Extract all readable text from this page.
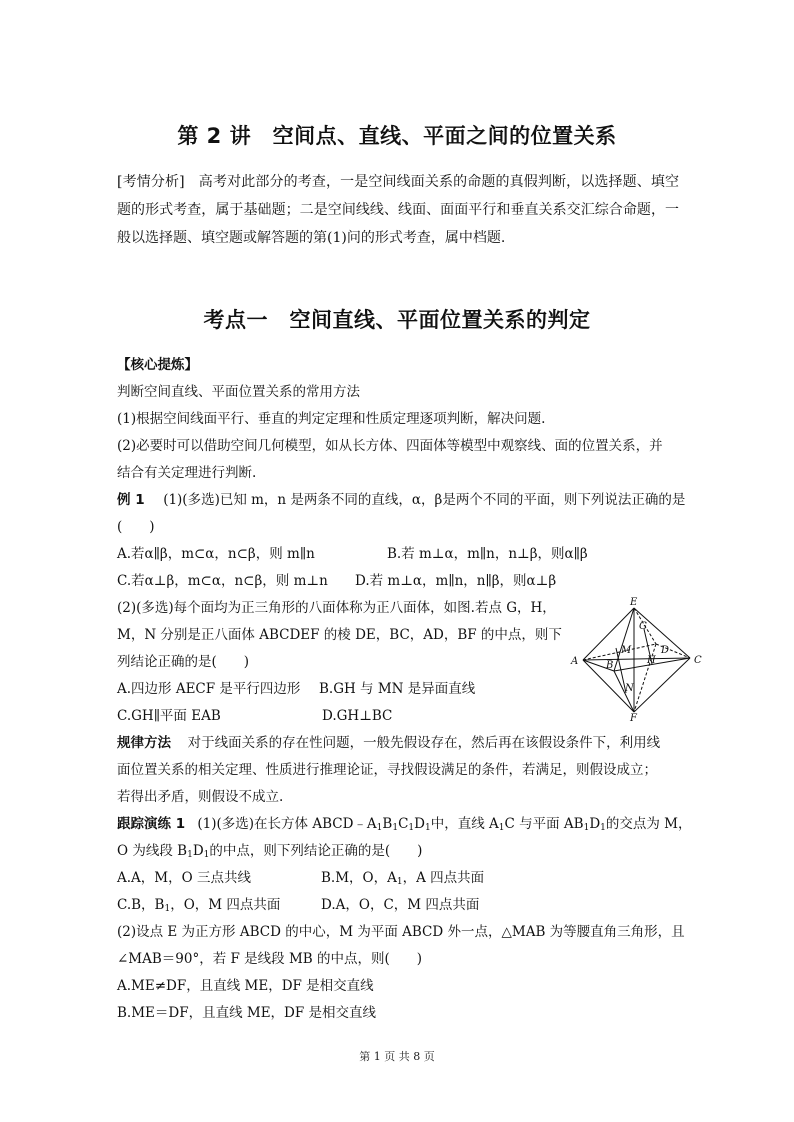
第 2 讲　空间点、直线、平面之间的位置关系
[考情分析]　高考对此部分的考查，一是空间线面关系的命题的真假判断，以选择题、填空题的形式考查，属于基础题；二是空间线线、线面、面面平行和垂直关系交汇综合命题，一般以选择题、填空题或解答题的第(1)问的形式考查，属中档题.
考点一　空间直线、平面位置关系的判定
【核心提炼】
判断空间直线、平面位置关系的常用方法
(1)根据空间线面平行、垂直的判定定理和性质定理逐项判断，解决问题.
(2)必要时可以借助空间几何模型，如从长方体、四面体等模型中观察线、面的位置关系，并
结合有关定理进行判断.
例 1 (1)(多选)已知 m，n 是两条不同的直线，α，β是两个不同的平面，则下列说法正确的是
(　　)
A.若α∥β，m⊂α，n⊂β，则 m∥n	B.若 m⊥α，m∥n，n⊥β，则α∥β
C.若α⊥β，m⊂α，n⊂β，则 m⊥n D.若 m⊥α，m∥n，n∥β，则α⊥β
(2)(多选)每个面均为正三角形的八面体称为正八面体，如图.若点 G，H，
M，N 分别是正八面体 ABCDEF 的棱 DE，BC，AD，BF 的中点，则下
列结论正确的是(　　)
A.四边形 AECF 是平行四边形 B.GH 与 MN 是异面直线
C.GH∥平面 EAB	D.GH⊥BC
E
G
M	D
A	B	H	C
N
F
规律方法 对于线面关系的存在性问题，一般先假设存在，然后再在该假设条件下，利用线
面位置关系的相关定理、性质进行推理论证，寻找假设满足的条件，若满足，则假设成立；
若得出矛盾，则假设不成立.
跟踪演练 1 (1)(多选)在长方体 $ABCD﹣A_1B_1C_1D_1$中，直线 $A_1C$ 与平面 $AB_1D_1$的交点为 M，
O 为线段 $B_1D_1$的中点，则下列结论正确的是(　　)
A.A，M，O 三点共线	B.M，O，$A_1$，A 四点共面
C.B，$B_1$，O，M 四点共面	D.A，O，C，M 四点共面
(2)设点 E 为正方形 ABCD 的中心，M 为平面 ABCD 外一点，△MAB 为等腰直角三角形，且
∠MAB＝90°，若 F 是线段 MB 的中点，则(　　)
A.ME≠DF，且直线 ME，DF 是相交直线
B.ME＝DF，且直线 ME，DF 是相交直线
第 1 页 共 8 页
